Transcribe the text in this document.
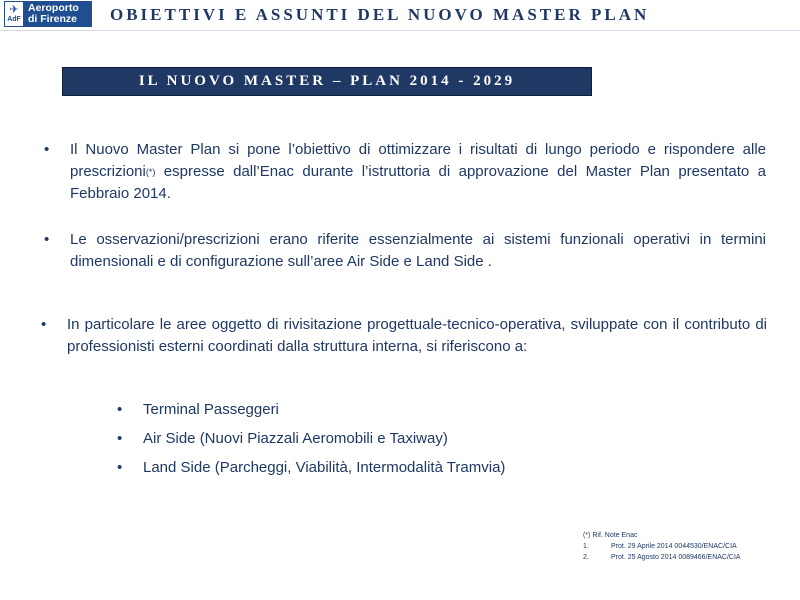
✈
AdF
Aeroporto
di Firenze OBIETTIVI E ASSUNTI DEL NUOVO MASTER PLAN
IL NUOVO MASTER – PLAN 2014 - 2029
• Il Nuovo Master Plan si pone l’obiettivo di ottimizzare i risultati di lungo periodo e rispondere alle prescrizioni(*) espresse dall’Enac durante l’istruttoria di approvazione del Master Plan presentato a Febbraio 2014.
• Le osservazioni/prescrizioni erano riferite essenzialmente ai sistemi funzionali operativi in termini dimensionali e di configurazione sull’aree Air Side e Land Side .
• In particolare le aree oggetto di rivisitazione progettuale-tecnico-operativa, sviluppate con il contributo di professionisti esterni coordinati dalla struttura interna, si riferiscono a:
• Terminal Passeggeri
• Air Side (Nuovi Piazzali Aeromobili e Taxiway)
• Land Side (Parcheggi, Viabilità, Intermodalità Tramvia)
(*) Rif. Note Enac
1.	Prot. 29 Aprile 2014 0044530/ENAC/CIA
2.	Prot. 25 Agosto 2014 0089466/ENAC/CIA
